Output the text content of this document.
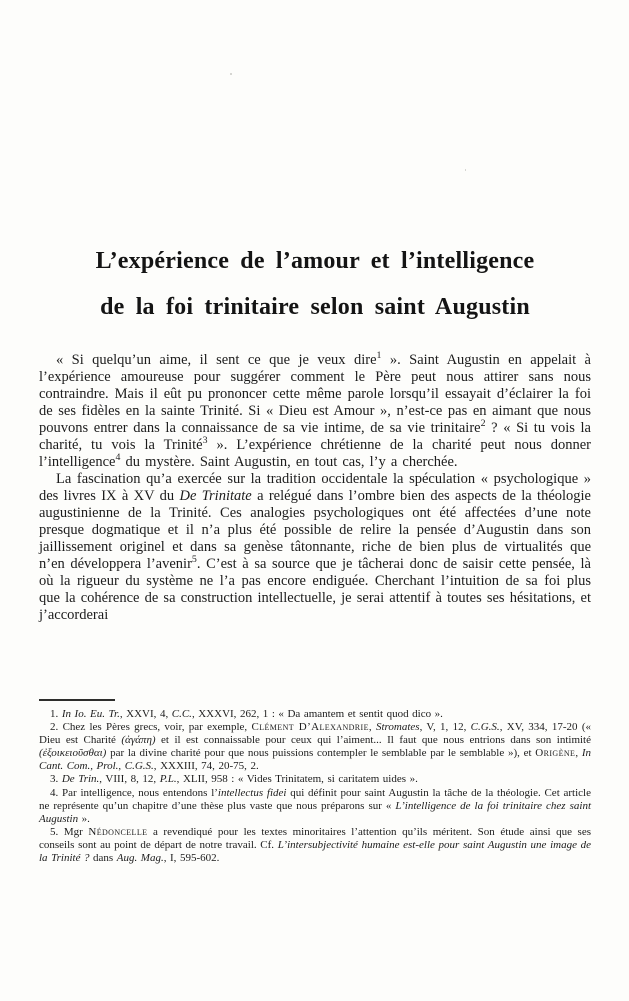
L’expérience de l’amour et l’intelligence
de la foi trinitaire selon saint Augustin

« Si quelqu’un aime, il sent ce que je veux dire$^1$ ». Saint Augustin en appelait à l’expérience amoureuse pour suggérer comment le Père peut nous attirer sans nous contraindre. Mais il eût pu prononcer cette même parole lorsqu’il essayait d’éclairer la foi de ses fidèles en la sainte Trinité. Si « Dieu est Amour », n’est-ce pas en aimant que nous pouvons entrer dans la connaissance de sa vie intime, de sa vie trinitaire$^2$ ? « Si tu vois la charité, tu vois la Trinité$^3$ ». L’expérience chrétienne de la charité peut nous donner l’intelligence$^4$ du mystère. Saint Augustin, en tout cas, l’y a cherchée.

La fascination qu’a exercée sur la tradition occidentale la spéculation « psychologique » des livres IX à XV du De Trinitate a relégué dans l’ombre bien des aspects de la théologie augustinienne de la Trinité. Ces analogies psychologiques ont été affectées d’une note presque dogmatique et il n’a plus été possible de relire la pensée d’Augustin dans son jaillissement originel et dans sa genèse tâtonnante, riche de bien plus de virtualités que n’en développera l’avenir$^5$. C’est à sa source que je tâcherai donc de saisir cette pensée, là où la rigueur du système ne l’a pas encore endiguée. Cherchant l’intuition de sa foi plus que la cohérence de sa construction intellectuelle, je serai attentif à toutes ses hésitations, et j’accorderai

1. In Io. Eu. Tr., XXVI, 4, C.C., XXXVI, 262, 1 : « Da amantem et sentit quod dico ».

2. Chez les Pères grecs, voir, par exemple, Clément D’Alexandrie, Stromates, V, 1, 12, C.G.S., XV, 334, 17-20 (« Dieu est Charité (ἀγάπη) et il est connaissable pour ceux qui l’aiment... Il faut que nous entrions dans son intimité (ἐξοικειοῦσθαι) par la divine charité pour que nous puissions contempler le semblable par le semblable »), et Origène, In Cant. Com., Prol., C.G.S., XXXIII, 74, 20-75, 2.

3. De Trin., VIII, 8, 12, P.L., XLII, 958 : « Vides Trinitatem, si caritatem uides ».

4. Par intelligence, nous entendons l’intellectus fidei qui définit pour saint Augustin la tâche de la théologie. Cet article ne représente qu’un chapitre d’une thèse plus vaste que nous préparons sur « L’intelligence de la foi trinitaire chez saint Augustin ».

5. Mgr Nédoncelle a revendiqué pour les textes minoritaires l’attention qu’ils méritent. Son étude ainsi que ses conseils sont au point de départ de notre travail. Cf. L’intersubjectivité humaine est-elle pour saint Augustin une image de la Trinité ? dans Aug. Mag., I, 595-602.
